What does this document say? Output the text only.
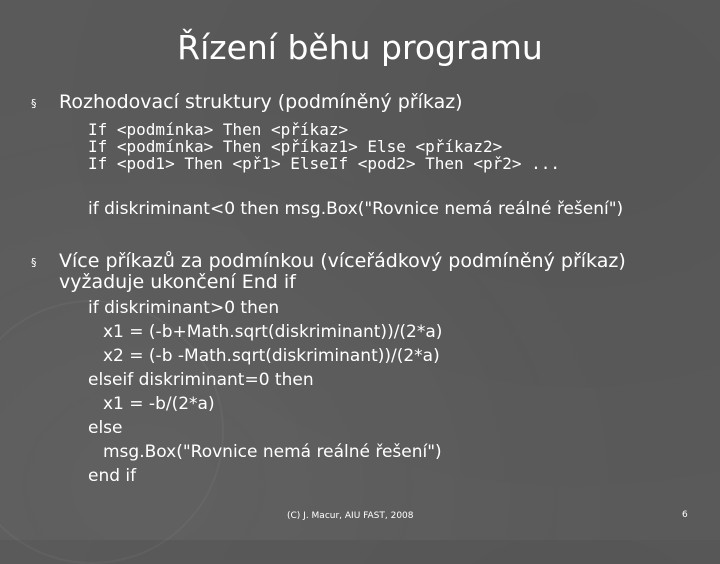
Řízení běhu programu
§ Rozhodovací struktury (podmíněný příkaz)
If <podmínka> Then <příkaz>
If <podmínka> Then <příkaz1> Else <příkaz2>
If <pod1> Then <př1> ElseIf <pod2> Then <př2> ...
if diskriminant<0 then msg.Box("Rovnice nemá reálné řešení")
§ Více příkazů za podmínkou (víceřádkový podmíněný příkaz) vyžaduje ukončení End if
if diskriminant>0 then
x1 = (-b+Math.sqrt(diskriminant))/(2*a)
x2 = (-b -Math.sqrt(diskriminant))/(2*a)
elseif diskriminant=0 then
x1 = -b/(2*a)
else
msg.Box("Rovnice nemá reálné řešení")
end if
(C) J. Macur, AIU FAST, 2008	6
